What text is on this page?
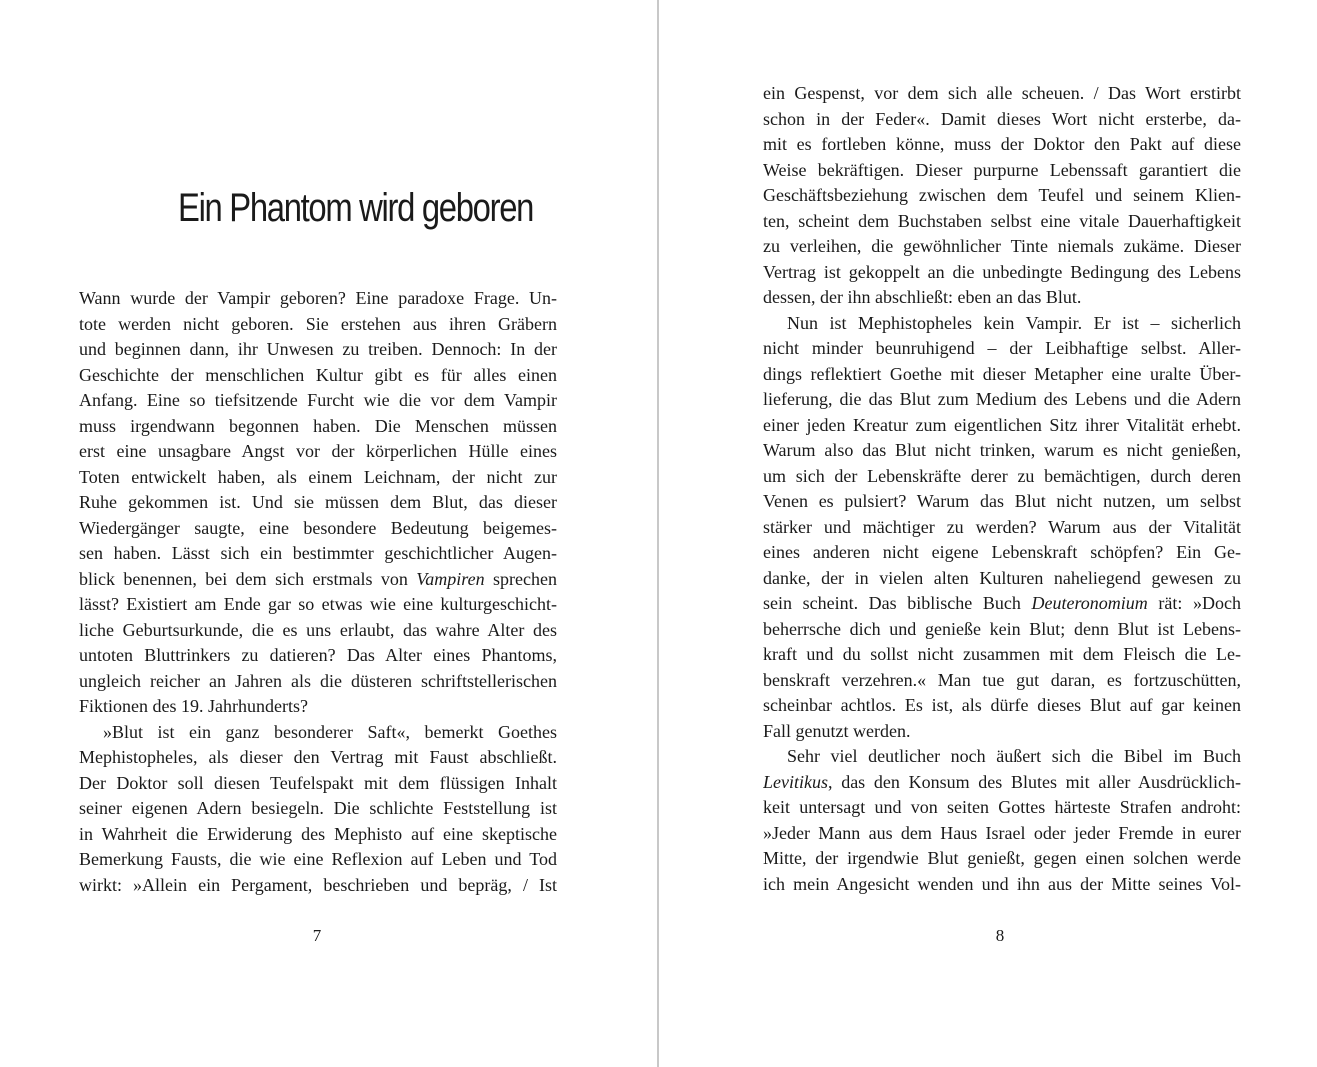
Ein Phantom wird geboren
Wann wurde der Vampir geboren? Eine paradoxe Frage. Un-
tote werden nicht geboren. Sie erstehen aus ihren Gräbern
und beginnen dann, ihr Unwesen zu treiben. Dennoch: In der
Geschichte der menschlichen Kultur gibt es für alles einen
Anfang. Eine so tiefsitzende Furcht wie die vor dem Vampir
muss irgendwann begonnen haben. Die Menschen müssen
erst eine unsagbare Angst vor der körperlichen Hülle eines
Toten entwickelt haben, als einem Leichnam, der nicht zur
Ruhe gekommen ist. Und sie müssen dem Blut, das dieser
Wiedergänger saugte, eine besondere Bedeutung beigemes-
sen haben. Lässt sich ein bestimmter geschichtlicher Augen-
blick benennen, bei dem sich erstmals von Vampiren sprechen
lässt? Existiert am Ende gar so etwas wie eine kulturgeschicht-
liche Geburtsurkunde, die es uns erlaubt, das wahre Alter des
untoten Bluttrinkers zu datieren? Das Alter eines Phantoms,
ungleich reicher an Jahren als die düsteren schriftstellerischen
Fiktionen des 19. Jahrhunderts?
»Blut ist ein ganz besonderer Saft«, bemerkt Goethes
Mephistopheles, als dieser den Vertrag mit Faust abschließt.
Der Doktor soll diesen Teufelspakt mit dem flüssigen Inhalt
seiner eigenen Adern besiegeln. Die schlichte Feststellung ist
in Wahrheit die Erwiderung des Mephisto auf eine skeptische
Bemerkung Fausts, die wie eine Reflexion auf Leben und Tod
wirkt: »Allein ein Pergament, beschrieben und bepräg, / Ist
7
ein Gespenst, vor dem sich alle scheuen. / Das Wort erstirbt
schon in der Feder«. Damit dieses Wort nicht ersterbe, da-
mit es fortleben könne, muss der Doktor den Pakt auf diese
Weise bekräftigen. Dieser purpurne Lebenssaft garantiert die
Geschäftsbeziehung zwischen dem Teufel und seinem Klien-
ten, scheint dem Buchstaben selbst eine vitale Dauerhaftigkeit
zu verleihen, die gewöhnlicher Tinte niemals zukäme. Dieser
Vertrag ist gekoppelt an die unbedingte Bedingung des Lebens
dessen, der ihn abschließt: eben an das Blut.
Nun ist Mephistopheles kein Vampir. Er ist – sicherlich
nicht minder beunruhigend – der Leibhaftige selbst. Aller-
dings reflektiert Goethe mit dieser Metapher eine uralte Über-
lieferung, die das Blut zum Medium des Lebens und die Adern
einer jeden Kreatur zum eigentlichen Sitz ihrer Vitalität erhebt.
Warum also das Blut nicht trinken, warum es nicht genießen,
um sich der Lebenskräfte derer zu bemächtigen, durch deren
Venen es pulsiert? Warum das Blut nicht nutzen, um selbst
stärker und mächtiger zu werden? Warum aus der Vitalität
eines anderen nicht eigene Lebenskraft schöpfen? Ein Ge-
danke, der in vielen alten Kulturen naheliegend gewesen zu
sein scheint. Das biblische Buch Deuteronomium rät: »Doch
beherrsche dich und genieße kein Blut; denn Blut ist Lebens-
kraft und du sollst nicht zusammen mit dem Fleisch die Le-
benskraft verzehren.« Man tue gut daran, es fortzuschütten,
scheinbar achtlos. Es ist, als dürfe dieses Blut auf gar keinen
Fall genutzt werden.
Sehr viel deutlicher noch äußert sich die Bibel im Buch
Levitikus, das den Konsum des Blutes mit aller Ausdrücklich-
keit untersagt und von seiten Gottes härteste Strafen androht:
»Jeder Mann aus dem Haus Israel oder jeder Fremde in eurer
Mitte, der irgendwie Blut genießt, gegen einen solchen werde
ich mein Angesicht wenden und ihn aus der Mitte seines Vol-
8
